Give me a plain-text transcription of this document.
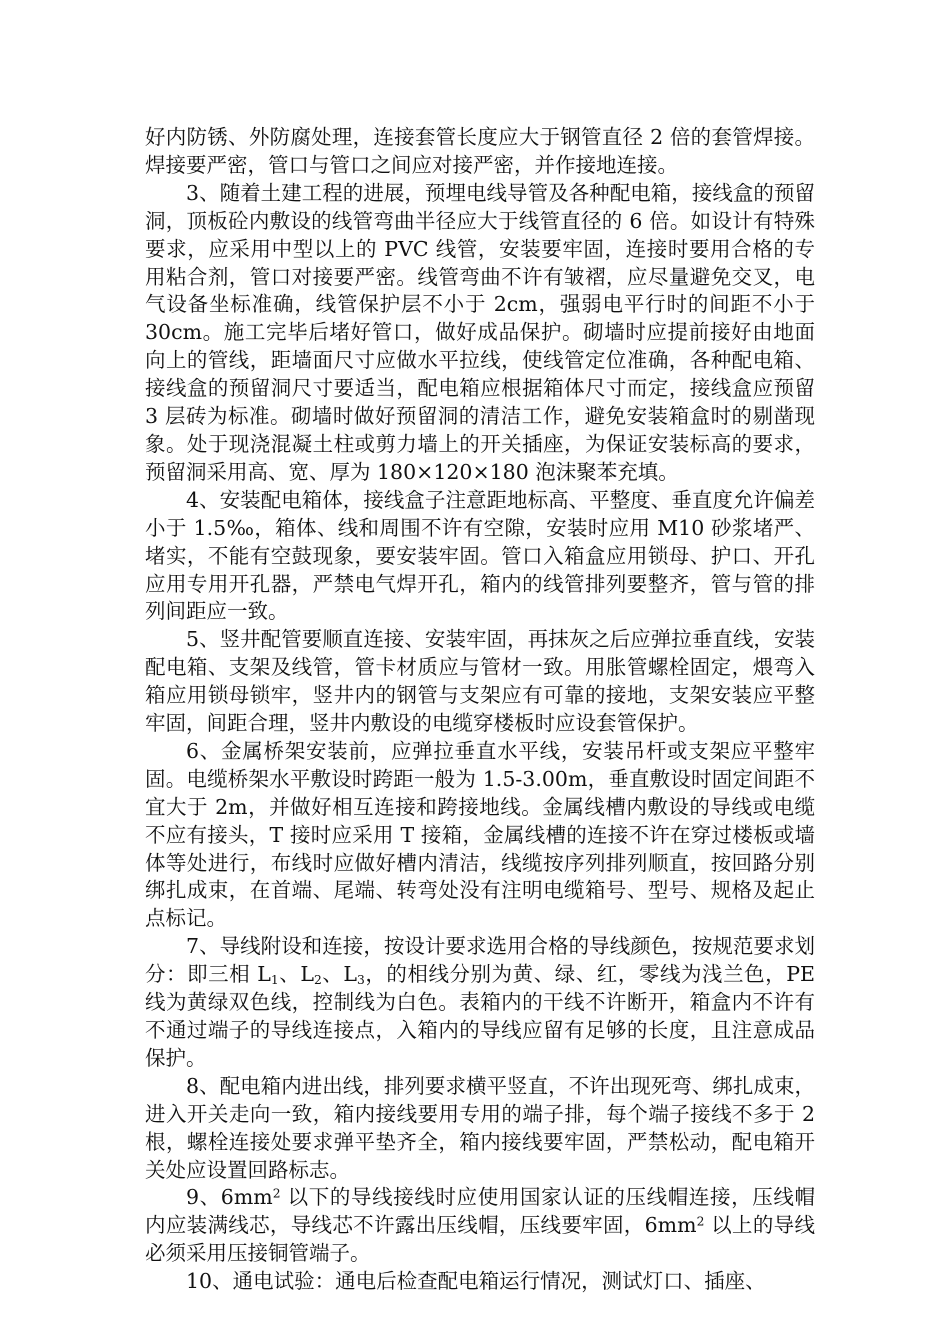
好内防锈、外防腐处理，连接套管长度应大于钢管直径 2 倍的套管焊接。焊接要严密，管口与管口之间应对接严密，并作接地连接。

3、随着土建工程的进展，预埋电线导管及各种配电箱，接线盒的预留洞，顶板砼内敷设的线管弯曲半径应大于线管直径的 6 倍。如设计有特殊要求，应采用中型以上的 PVC 线管，安装要牢固，连接时要用合格的专用粘合剂，管口对接要严密。线管弯曲不许有皱褶，应尽量避免交叉，电气设备坐标准确，线管保护层不小于 2cm，强弱电平行时的间距不小于 30cm。施工完毕后堵好管口，做好成品保护。砌墙时应提前接好由地面向上的管线，距墙面尺寸应做水平拉线，使线管定位准确，各种配电箱、接线盒的预留洞尺寸要适当，配电箱应根据箱体尺寸而定，接线盒应预留 3 层砖为标准。砌墙时做好预留洞的清洁工作，避免安装箱盒时的剔凿现象。处于现浇混凝土柱或剪力墙上的开关插座，为保证安装标高的要求，预留洞采用高、宽、厚为 180×120×180 泡沫聚苯充填。

4、安装配电箱体，接线盒子注意距地标高、平整度、垂直度允许偏差小于 1.5‰，箱体、线和周围不许有空隙，安装时应用 M10 砂浆堵严、堵实，不能有空鼓现象，要安装牢固。管口入箱盒应用锁母、护口、开孔应用专用开孔器，严禁电气焊开孔，箱内的线管排列要整齐，管与管的排列间距应一致。

5、竖井配管要顺直连接、安装牢固，再抹灰之后应弹拉垂直线，安装配电箱、支架及线管，管卡材质应与管材一致。用胀管螺栓固定，煨弯入箱应用锁母锁牢，竖井内的钢管与支架应有可靠的接地，支架安装应平整牢固，间距合理，竖井内敷设的电缆穿楼板时应设套管保护。

6、金属桥架安装前，应弹拉垂直水平线，安装吊杆或支架应平整牢固。电缆桥架水平敷设时跨距一般为 1.5-3.00m，垂直敷设时固定间距不宜大于 2m，并做好相互连接和跨接地线。金属线槽内敷设的导线或电缆不应有接头，T 接时应采用 T 接箱，金属线槽的连接不许在穿过楼板或墙体等处进行，布线时应做好槽内清洁，线缆按序列排列顺直，按回路分别绑扎成束，在首端、尾端、转弯处没有注明电缆箱号、型号、规格及起止点标记。

7、导线附设和连接，按设计要求选用合格的导线颜色，按规范要求划分：即三相 $L_1$、$L_2$、$L_3$，的相线分别为黄、绿、红，零线为浅兰色，PE 线为黄绿双色线，控制线为白色。表箱内的干线不许断开，箱盒内不许有不通过端子的导线连接点，入箱内的导线应留有足够的长度，且注意成品保护。

8、配电箱内进出线，排列要求横平竖直，不许出现死弯、绑扎成束，进入开关走向一致，箱内接线要用专用的端子排，每个端子接线不多于 2 根，螺栓连接处要求弹平垫齐全，箱内接线要牢固，严禁松动，配电箱开关处应设置回路标志。

9、$6mm^2$ 以下的导线接线时应使用国家认证的压线帽连接，压线帽内应装满线芯，导线芯不许露出压线帽，压线要牢固，$6mm^2$ 以上的导线必须采用压接铜管端子。

10、通电试验：通电后检查配电箱运行情况，测试灯口、插座、
